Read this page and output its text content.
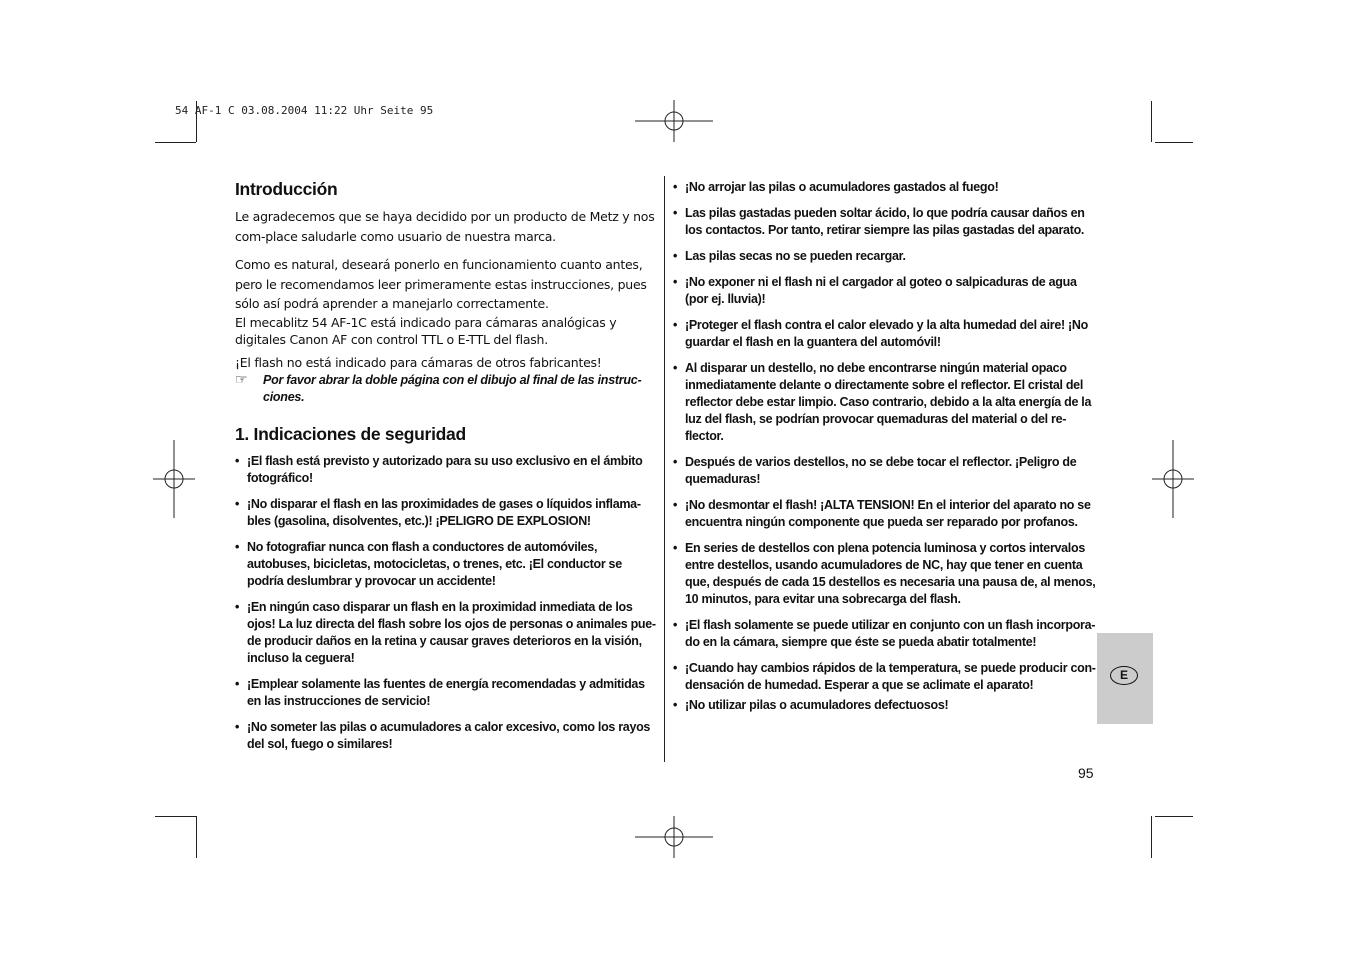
54 AF-1 C 03.08.2004 11:22 Uhr Seite 95
Introducción

Le agradecemos que se haya decidido por un producto de Metz y nos com-place saludarle como usuario de nuestra marca.

Como es natural, deseará ponerlo en funcionamiento cuanto antes, pero le recomendamos leer primeramente estas instrucciones, pues sólo así podrá aprender a manejarlo correctamente.

El mecablitz 54 AF-1C está indicado para cámaras analógicas y digitales Canon AF con control TTL o E-TTL del flash.

¡El flash no está indicado para cámaras de otros fabricantes!

☞ Por favor abrar la doble página con el dibujo al final de las instruc-ciones.
1. Indicaciones de seguridad
• ¡El flash está previsto y autorizado para su uso exclusivo en el ámbito fotográfico!
• ¡No disparar el flash en las proximidades de gases o líquidos inflama-bles (gasolina, disolventes, etc.)! ¡PELIGRO DE EXPLOSION!
• No fotografiar nunca con flash a conductores de automóviles, autobuses, bicicletas, motocicletas, o trenes, etc. ¡El conductor se podría deslumbrar y provocar un accidente!
• ¡En ningún caso disparar un flash en la proximidad inmediata de los ojos! La luz directa del flash sobre los ojos de personas o animales pue-de producir daños en la retina y causar graves deterioros en la visión, incluso la ceguera!
• ¡Emplear solamente las fuentes de energía recomendadas y admitidas en las instrucciones de servicio!
• ¡No someter las pilas o acumuladores a calor excesivo, como los rayos del sol, fuego o similares!
• ¡No arrojar las pilas o acumuladores gastados al fuego!
• Las pilas gastadas pueden soltar ácido, lo que podría causar daños en los contactos. Por tanto, retirar siempre las pilas gastadas del aparato.
• Las pilas secas no se pueden recargar.
• ¡No exponer ni el flash ni el cargador al goteo o salpicaduras de agua (por ej. lluvia)!
• ¡Proteger el flash contra el calor elevado y la alta humedad del aire! ¡No guardar el flash en la guantera del automóvil!
• Al disparar un destello, no debe encontrarse ningún material opaco inmediatamente delante o directamente sobre el reflector. El cristal del reflector debe estar limpio. Caso contrario, debido a la alta energía de la luz del flash, se podrían provocar quemaduras del material o del re-flector.
• Después de varios destellos, no se debe tocar el reflector. ¡Peligro de quemaduras!
• ¡No desmontar el flash! ¡ALTA TENSION! En el interior del aparato no se encuentra ningún componente que pueda ser reparado por profanos.
• En series de destellos con plena potencia luminosa y cortos intervalos entre destellos, usando acumuladores de NC, hay que tener en cuenta que, después de cada 15 destellos es necesaria una pausa de, al menos, 10 minutos, para evitar una sobrecarga del flash.
• ¡El flash solamente se puede utilizar en conjunto con un flash incorpora-do en la cámara, siempre que éste se pueda abatir totalmente!
• ¡Cuando hay cambios rápidos de la temperatura, se puede producir con-densación de humedad. Esperar a que se aclimate el aparato!
• ¡No utilizar pilas o acumuladores defectuosos!
E
95
